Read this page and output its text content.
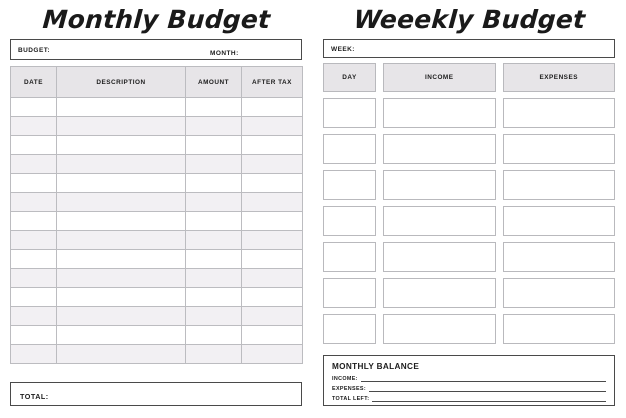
Monthly Budget
BUDGET:	MONTH:
DATE	DESCRIPTION	AMOUNT	AFTER TAX

TOTAL:
Weeekly Budget
WEEK:
DAY	INCOME	EXPENSES
MONTHLY BALANCE
INCOME:
EXPENSES:
TOTAL LEFT:
